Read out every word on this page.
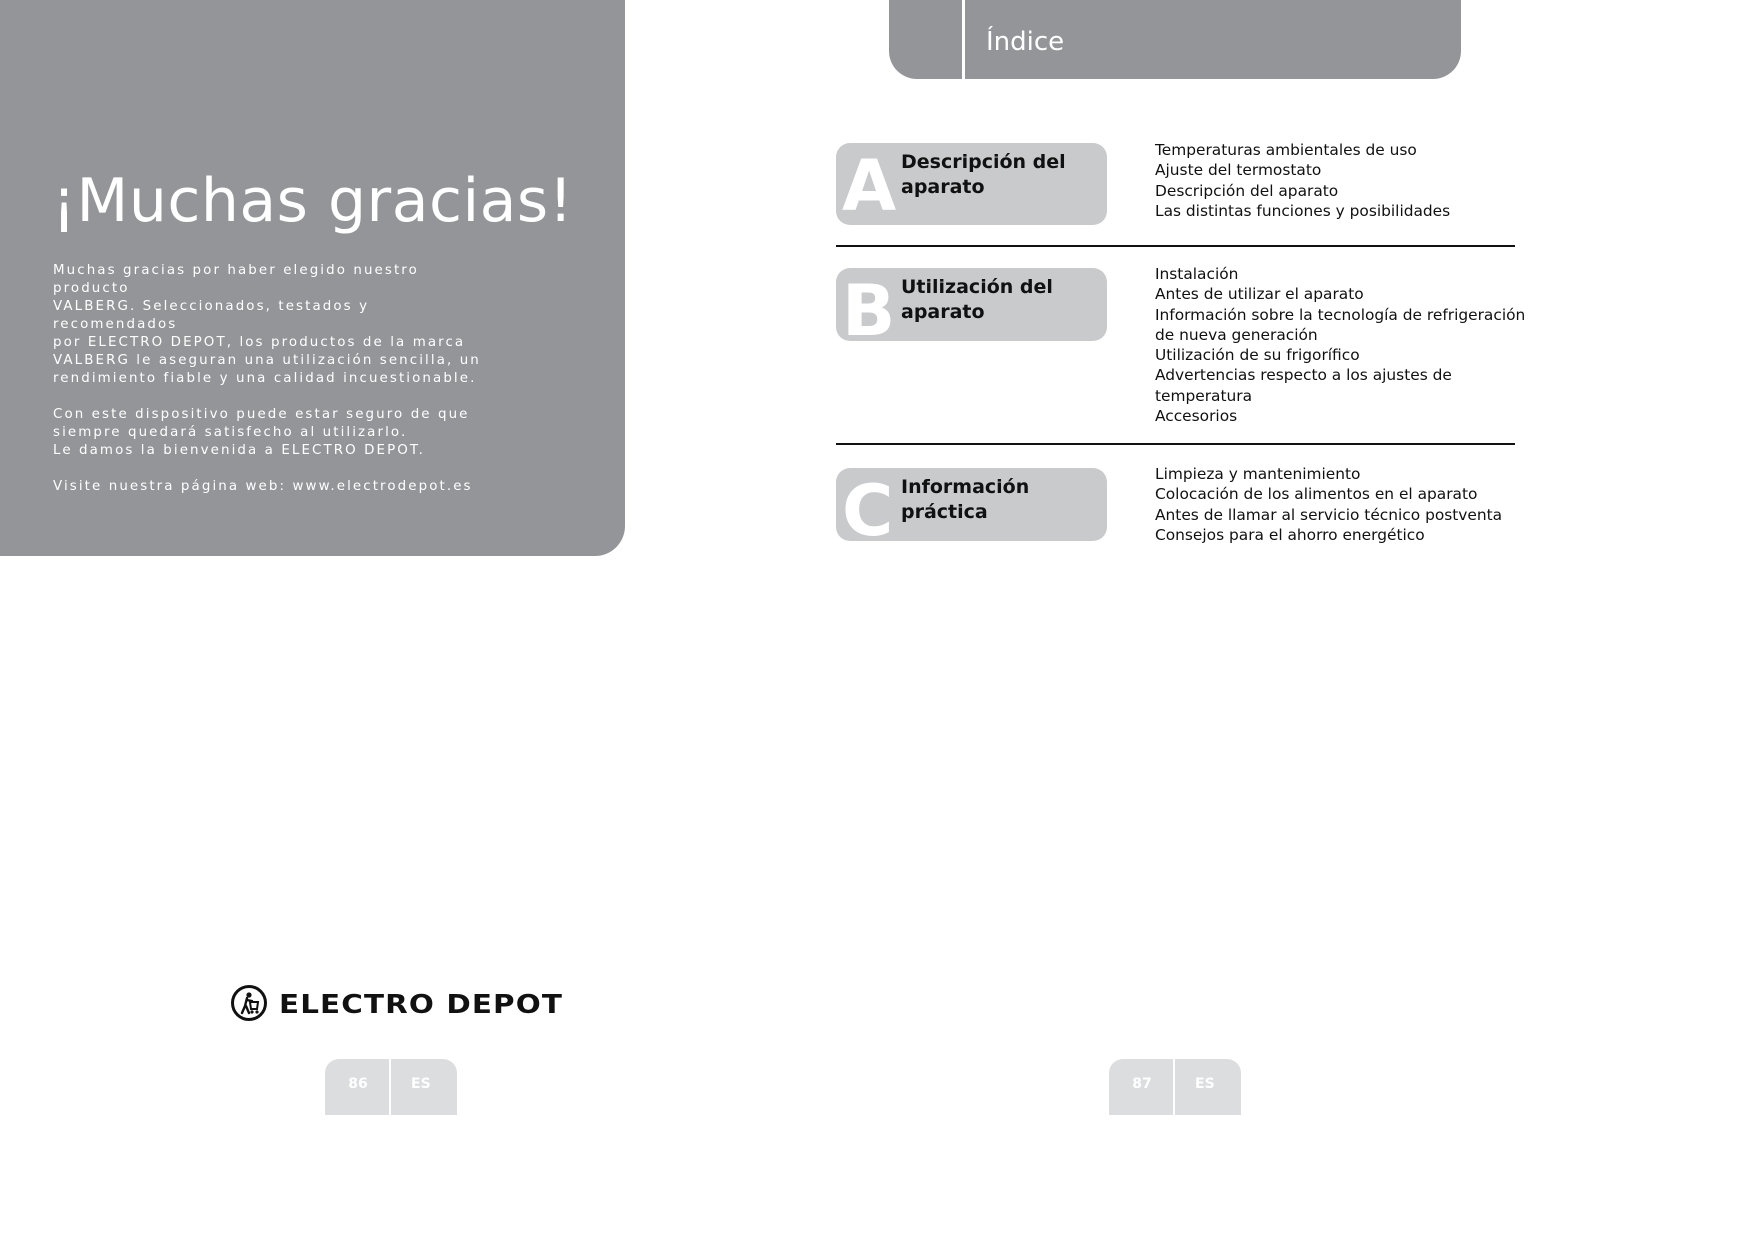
¡Muchas gracias!

Muchas gracias por haber elegido nuestro producto
VALBERG. Seleccionados, testados y recomendados
por ELECTRO DEPOT, los productos de la marca
VALBERG le aseguran una utilización sencilla, un
rendimiento fiable y una calidad incuestionable.

Con este dispositivo puede estar seguro de que
siempre quedará satisfecho al utilizarlo.
Le damos la bienvenida a ELECTRO DEPOT.

Visite nuestra página web: www.electrodepot.es

ELECTRO DEPOT
86	ES
Índice
A Descripción del aparato
Temperaturas ambientales de uso
Ajuste del termostato
Descripción del aparato
Las distintas funciones y posibilidades
B Utilización del aparato
Instalación
Antes de utilizar el aparato
Información sobre la tecnología de refrigeración de nueva generación
Utilización de su frigorífico
Advertencias respecto a los ajustes de temperatura
Accesorios
C Información práctica
Limpieza y mantenimiento
Colocación de los alimentos en el aparato
Antes de llamar al servicio técnico postventa
Consejos para el ahorro energético
87	ES
